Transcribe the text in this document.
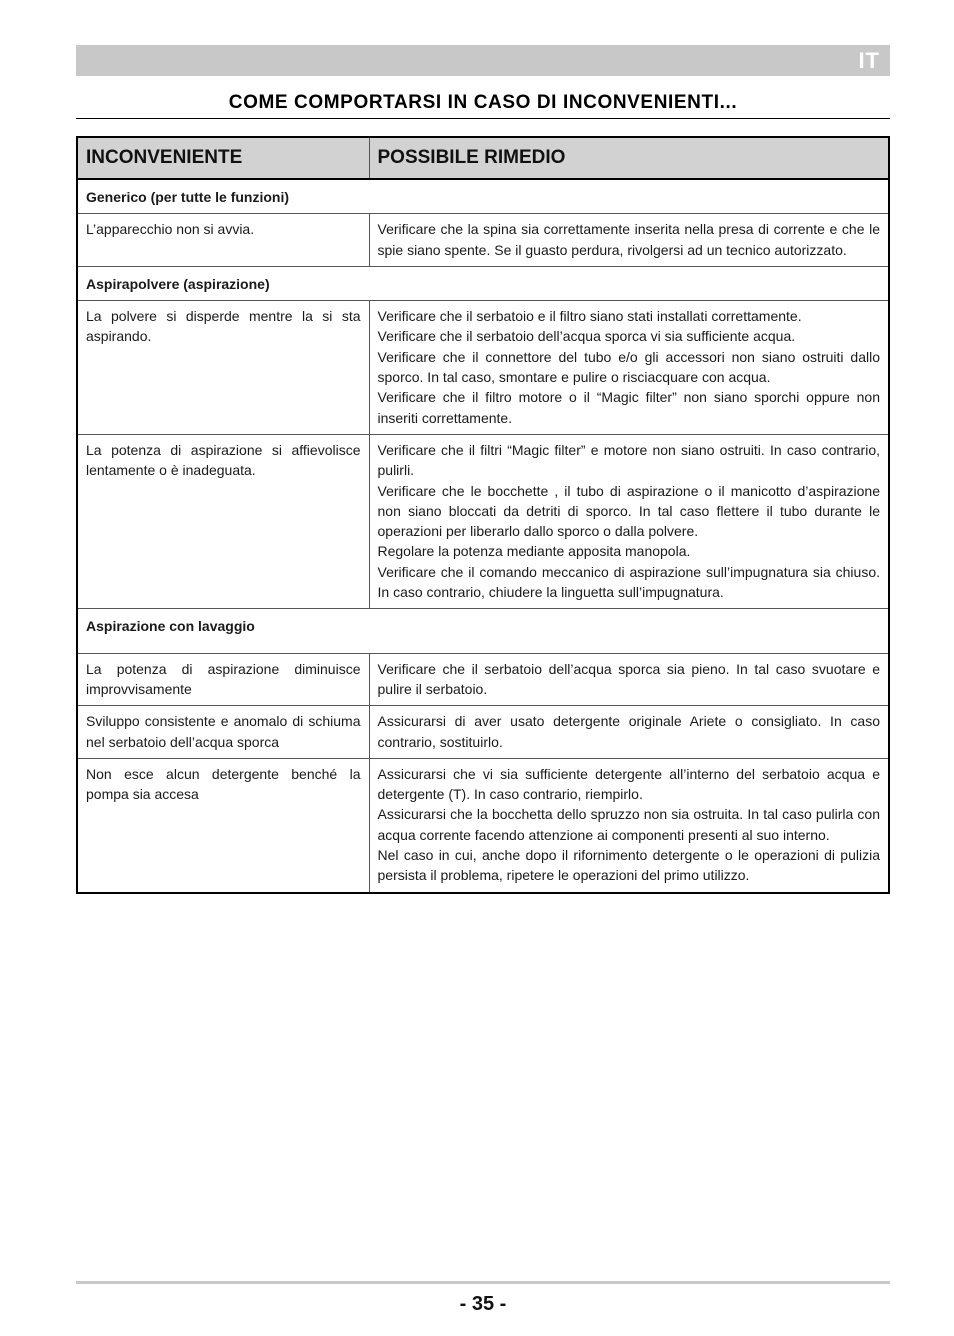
IT
COME COMPORTARSI IN CASO DI INCONVENIENTI...
INCONVENIENTE	POSSIBILE RIMEDIO
Generico (per tutte le funzioni)	
L’apparecchio non si avvia.	Verificare che la spina sia correttamente inserita nella presa di corrente e che le spie siano spente. Se il guasto perdura, rivolgersi ad un tecnico autorizzato.

Aspirapolvere (aspirazione)	
La polvere si disperde mentre la si sta aspirando.	Verificare che il serbatoio e il filtro siano stati installati correttamente.
Verificare che il serbatoio dell’acqua sporca vi sia sufficiente acqua.
Verificare che il connettore del tubo e/o gli accessori non siano ostruiti dallo sporco. In tal caso, smontare e pulire o risciacquare con acqua.
Verificare che il filtro motore o il “Magic filter” non siano sporchi oppure non inseriti correttamente.

La potenza di aspirazione si affievolisce lentamente o è inadeguata.	Verificare che il filtri “Magic filter” e motore non siano ostruiti. In caso contrario, pulirli.
Verificare che le bocchette , il tubo di aspirazione o il manicotto d’aspirazione non siano bloccati da detriti di sporco. In tal caso flettere il tubo durante le operazioni per liberarlo dallo sporco o dalla polvere.
Regolare la potenza mediante apposita manopola.
Verificare che il comando meccanico di aspirazione sull’impugnatura sia chiuso. In caso contrario, chiudere la linguetta sull’impugnatura.

Aspirazione con lavaggio	
La potenza di aspirazione diminuisce improvvisamente	Verificare che il serbatoio dell’acqua sporca sia pieno. In tal caso svuotare e pulire il serbatoio.

Sviluppo consistente e anomalo di schiuma nel serbatoio dell’acqua sporca	Assicurarsi di aver usato detergente originale Ariete o consigliato. In caso contrario, sostituirlo.

Non esce alcun detergente benché la pompa sia accesa	Assicurarsi che vi sia sufficiente detergente all’interno del serbatoio acqua e detergente (T). In caso contrario, riempirlo.
Assicurarsi che la bocchetta dello spruzzo non sia ostruita. In tal caso pulirla con acqua corrente facendo attenzione ai componenti presenti al suo interno.
Nel caso in cui, anche dopo il rifornimento detergente o le operazioni di pulizia persista il problema, ripetere le operazioni del primo utilizzo.
- 35 -
